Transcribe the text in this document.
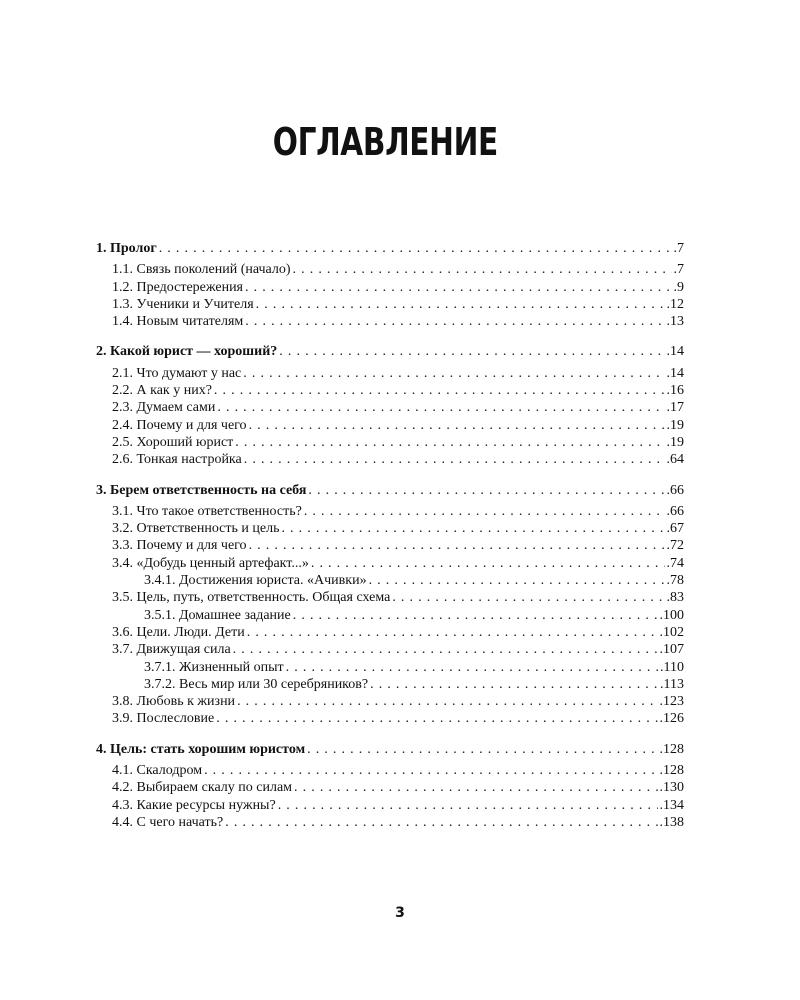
ОГЛАВЛЕНИЕ
1. Пролог . . .	.7
1.1. Связь поколений (начало) . . .	.7
1.2. Предостережения . . .	.9
1.3. Ученики и Учителя . . .	.12
1.4. Новым читателям . . .	.13
2. Какой юрист — хороший? . . .	.14
2.1. Что думают у нас . . .	.14
2.2. А как у них? . . .	.16
2.3. Думаем сами . . .	.17
2.4. Почему и для чего . . .	.19
2.5. Хороший юрист . . .	.19
2.6. Тонкая настройка . . .	.64
3. Берем ответственность на себя . . .	.66
3.1. Что такое ответственность? . . .	.66
3.2. Ответственность и цель . . .	.67
3.3. Почему и для чего . . .	.72
3.4. «Добудь ценный артефакт...» . . .	.74
3.4.1. Достижения юриста. «Ачивки» . . .	.78
3.5. Цель, путь, ответственность. Общая схема . . .	.83
3.5.1. Домашнее задание . . .	.100
3.6. Цели. Люди. Дети . . .	.102
3.7. Движущая сила . . .	.107
3.7.1. Жизненный опыт . . .	.110
3.7.2. Весь мир или 30 серебряников? . . .	.113
3.8. Любовь к жизни . . .	.123
3.9. Послесловие . . .	.126
4. Цель: стать хорошим юристом . . .	.128
4.1. Скалодром . . .	.128
4.2. Выбираем скалу по силам . . .	.130
4.3. Какие ресурсы нужны? . . .	.134
4.4. С чего начать? . . .	.138
3
